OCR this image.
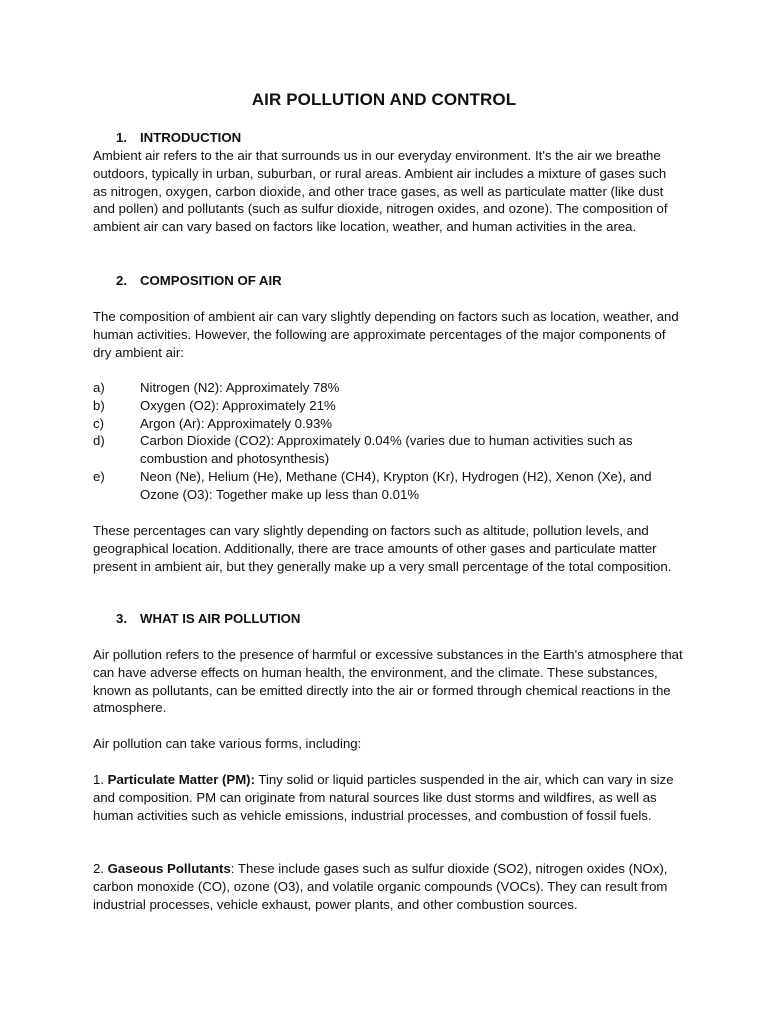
AIR POLLUTION AND CONTROL
1. INTRODUCTION
Ambient air refers to the air that surrounds us in our everyday environment. It's the air we breathe outdoors, typically in urban, suburban, or rural areas. Ambient air includes a mixture of gases such as nitrogen, oxygen, carbon dioxide, and other trace gases, as well as particulate matter (like dust and pollen) and pollutants (such as sulfur dioxide, nitrogen oxides, and ozone). The composition of ambient air can vary based on factors like location, weather, and human activities in the area.
2. COMPOSITION OF AIR
The composition of ambient air can vary slightly depending on factors such as location, weather, and human activities. However, the following are approximate percentages of the major components of dry ambient air:
a)	Nitrogen (N2): Approximately 78%
b)	Oxygen (O2): Approximately 21%
c)	Argon (Ar): Approximately 0.93%
d)	Carbon Dioxide (CO2): Approximately 0.04% (varies due to human activities such as combustion and photosynthesis)
e)	Neon (Ne), Helium (He), Methane (CH4), Krypton (Kr), Hydrogen (H2), Xenon (Xe), and Ozone (O3): Together make up less than 0.01%
These percentages can vary slightly depending on factors such as altitude, pollution levels, and geographical location. Additionally, there are trace amounts of other gases and particulate matter present in ambient air, but they generally make up a very small percentage of the total composition.
3. WHAT IS AIR POLLUTION
Air pollution refers to the presence of harmful or excessive substances in the Earth's atmosphere that can have adverse effects on human health, the environment, and the climate. These substances, known as pollutants, can be emitted directly into the air or formed through chemical reactions in the atmosphere.
Air pollution can take various forms, including:
1. Particulate Matter (PM): Tiny solid or liquid particles suspended in the air, which can vary in size and composition. PM can originate from natural sources like dust storms and wildfires, as well as human activities such as vehicle emissions, industrial processes, and combustion of fossil fuels.
2. Gaseous Pollutants: These include gases such as sulfur dioxide (SO2), nitrogen oxides (NOx), carbon monoxide (CO), ozone (O3), and volatile organic compounds (VOCs). They can result from industrial processes, vehicle exhaust, power plants, and other combustion sources.
